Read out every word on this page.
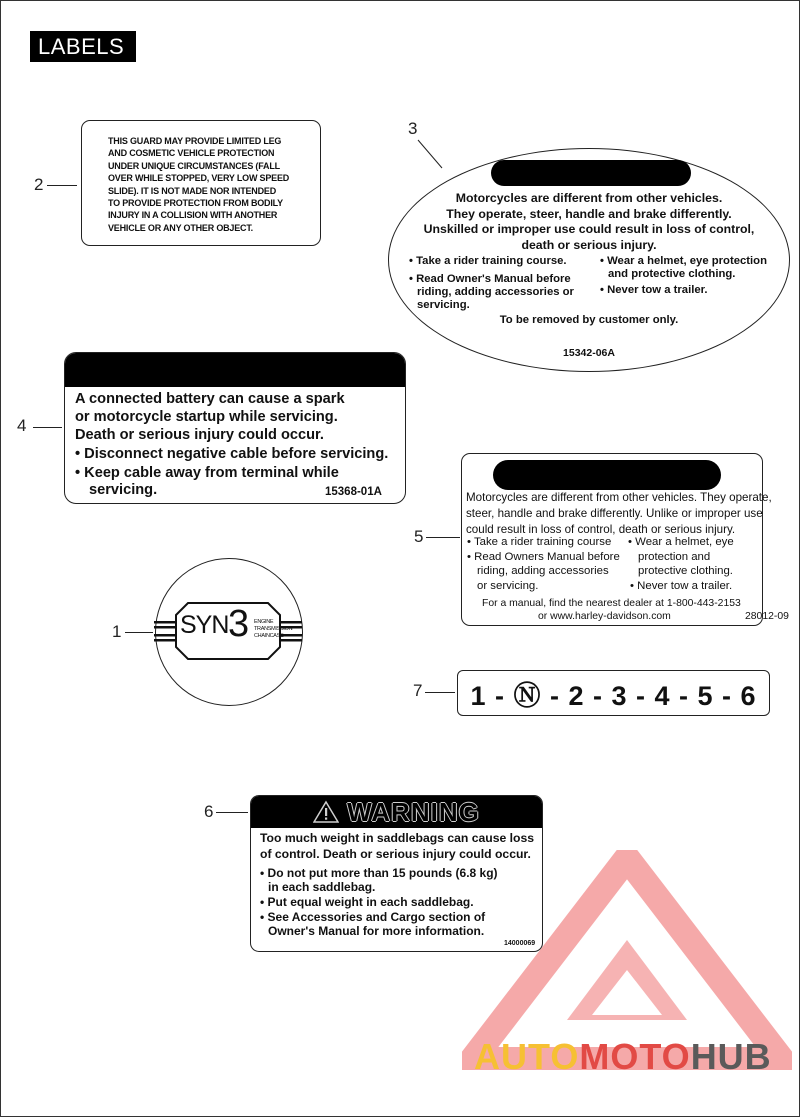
LABELS
2
THIS GUARD MAY PROVIDE LIMITED LEG
AND COSMETIC VEHICLE PROTECTION
UNDER UNIQUE CIRCUMSTANCES (FALL
OVER WHILE STOPPED, VERY LOW SPEED
SLIDE). IT IS NOT MADE NOR INTENDED
TO PROVIDE PROTECTION FROM BODILY
INJURY IN A COLLISION WITH ANOTHER
VEHICLE OR ANY OTHER OBJECT.
3
Motorcycles are different from other vehicles.
They operate, steer, handle and brake differently.
Unskilled or improper use could result in loss of control,
death or serious injury.
• Take a rider training course.
• Read Owner's Manual before
riding, adding accessories or
servicing.
• Wear a helmet, eye protection
and protective clothing.
• Never tow a trailer.
To be removed by customer only.
15342-06A
4
A connected battery can cause a spark
or motorcycle startup while servicing.
Death or serious injury could occur.
• Disconnect negative cable before servicing.
• Keep cable away from terminal while
servicing.	15368-01A
5
Motorcycles are different from other vehicles. They operate,
steer, handle and brake differently. Unlike or improper use
could result in loss of control, death or serious injury.
• Take a rider training course
• Read Owners Manual before
riding, adding accessories
or servicing.
• Wear a helmet, eye
protection and
protective clothing.
• Never tow a trailer.
For a manual, find the nearest dealer at 1-800-443-2153
or www.harley-davidson.com	28012-09
1 SYN 3 ENGINE
TRANSMISSION
CHAINCASE
7	1 - Ⓝ - 2 - 3 - 4 - 5 - 6
6	WARNING
Too much weight in saddlebags can cause loss
of control. Death or serious injury could occur.
• Do not put more than 15 pounds (6.8 kg)
in each saddlebag.
• Put equal weight in each saddlebag.
• See Accessories and Cargo section of
Owner's Manual for more information.
14000069
AUTOMOTOHUB
